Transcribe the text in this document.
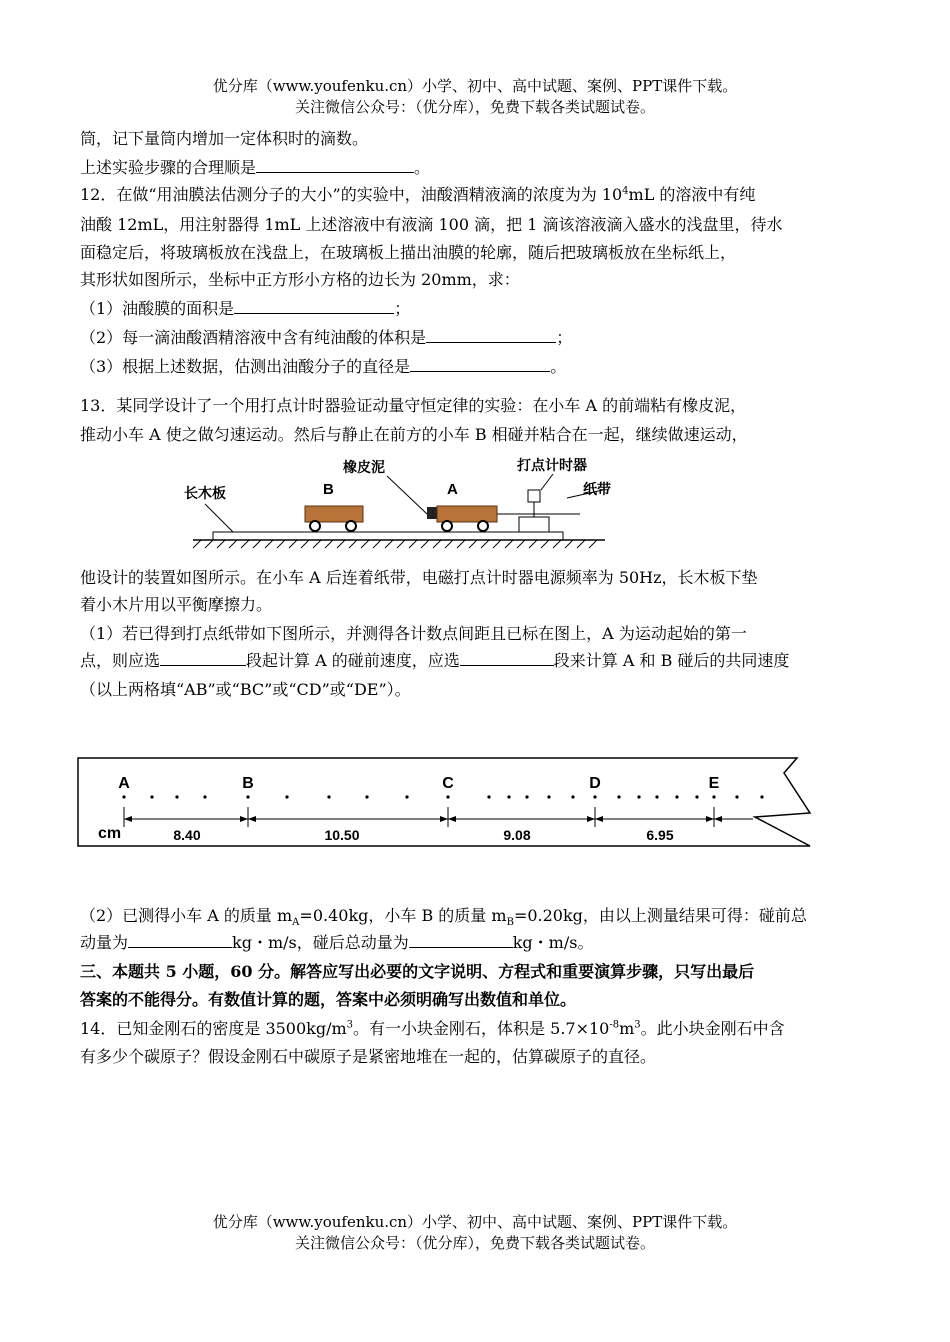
优分库（www.youfenku.cn）小学、初中、高中试题、案例、PPT课件下载。
关注微信公众号：（优分库），免费下载各类试题试卷。
筒，记下量筒内增加一定体积时的滴数。
上述实验步骤的合理顺是	。
12．在做“用油膜法估测分子的大小”的实验中，油酸酒精液滴的浓度为为 $10^4mL$ 的溶液中有纯
油酸 12mL，用注射器得 1mL 上述溶液中有液滴 100 滴，把 1 滴该溶液滴入盛水的浅盘里，待水
面稳定后，将玻璃板放在浅盘上，在玻璃板上描出油膜的轮廓，随后把玻璃板放在坐标纸上，
其形状如图所示，坐标中正方形小方格的边长为 20mm，求：
（1）油酸膜的面积是	；
（2）每一滴油酸酒精溶液中含有纯油酸的体积是	；
（3）根据上述数据，估测出油酸分子的直径是	。
13．某同学设计了一个用打点计时器验证动量守恒定律的实验：在小车 A 的前端粘有橡皮泥，
推动小车 A 使之做匀速运动。然后与静止在前方的小车 B 相碰并粘合在一起，继续做速运动，
长木板	B
橡皮泥
A
打点计时器
纸带
他设计的装置如图所示。在小车 A 后连着纸带，电磁打点计时器电源频率为 50Hz，长木板下垫
着小木片用以平衡摩擦力。
（1）若已得到打点纸带如下图所示，并测得各计数点间距且已标在图上，A 为运动起始的第一
点，则应选	段起计算 A 的碰前速度，应选	段来计算 A 和 B 碰后的共同速度
（以上两格填“AB”或“BC”或“CD”或“DE”）。
A	B	C	D	E
cm	8.40	10.50	9.08	6.95
（2）已测得小车 A 的质量 $m_A=0.40kg$，小车 B 的质量 $m_B=0.20kg$，由以上测量结果可得：碰前总
动量为	kg・m/s，碰后总动量为	kg・m/s。
三、本题共 5 小题，60 分。解答应写出必要的文字说明、方程式和重要演算步骤，只写出最后
答案的不能得分。有数值计算的题，答案中必须明确写出数值和单位。
14．已知金刚石的密度是 $3500kg/m^3$。有一小块金刚石，体积是 $5.7\times 10^{-8}m^3$。此小块金刚石中含
有多少个碳原子？假设金刚石中碳原子是紧密地堆在一起的，估算碳原子的直径。
优分库（www.youfenku.cn）小学、初中、高中试题、案例、PPT课件下载。
关注微信公众号：（优分库），免费下载各类试题试卷。
